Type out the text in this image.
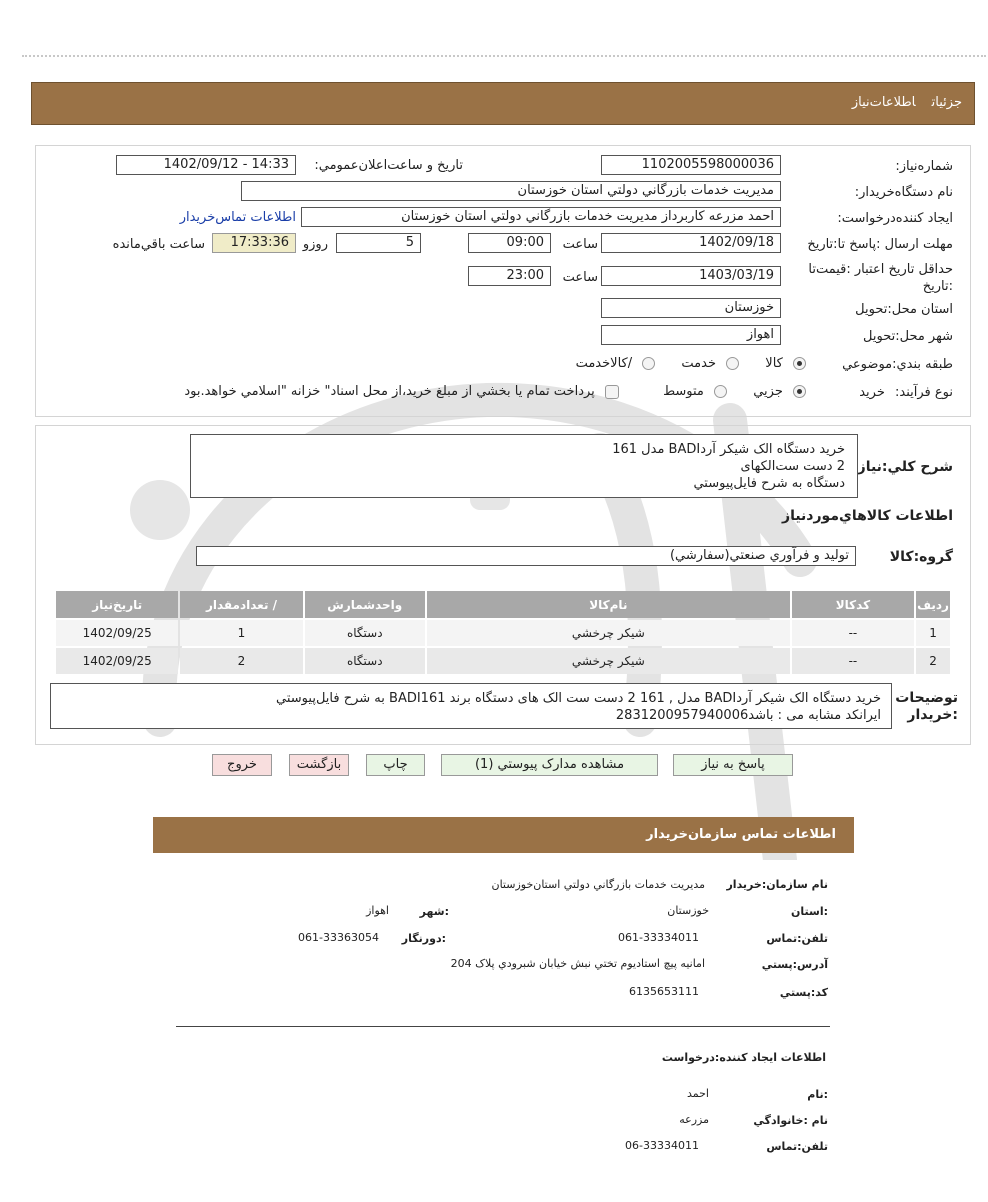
جزئياتاطلاعات‌نياز
شماره‌نياز:
1102005598000036
تاريخ و ساعت‌اعلان‌عمومي:
1402/09/12 - 14:33
نام دستگاه‌خريدار:
مديريت خدمات بازرگاني دولتي استان خوزستان
ايجاد کننده‌درخواست:
احمد مزرعه کاربرداز مديريت خدمات بازرگاني دولتي استان خوزستان
اطلاعات تماس‌خريدار
مهلت ارسال :پاسخ تا:تاريخ
1402/09/18
ساعت
09:00
5
روزو
17:33:36
ساعت باقي‌مانده
حداقل تاريخ اعتبار :قيمت‌تا
:تاريخ
1403/03/19
ساعت
23:00
استان محل:تحويل
خوزستان
شهر محل:تحويل
اهواز
طبقه بندي:موضوعي
کالا  خدمت  /کالاخدمت
نوع فرآيند: خريد
جزيي  متوسط  پرداخت تمام يا بخشي از مبلغ خريد،از محل اسناد" خزانه "اسلامي خواهد.بود
شرح کلي:نياز
خريد دستگاه الک شيکر آردBADI مدل 161
2 دست ست‌الکهای
دستگاه به شرح فايل‌پيوستي
اطلاعات کالاهاي‌موردنياز
گروه:کالا
توليد و فرآوري صنعتي(سفارشي)
رديف	کدکالا	نام‌کالا	واحدشمارش	/ تعدادمقدار	تاريخ‌نياز
1	--	شيکر چرخشي	دستگاه	1	1402/09/25
2	--	شيکر چرخشي	دستگاه	2	1402/09/25
توضيحات
:خريدار
خريد دستگاه الک شيکر آردBADI مدل , 161 2 دست ست الک های دستگاه برند BADI161 به شرح فايل‌پيوستي
ايرانکد مشابه می : باشد2831200957940006
پاسخ به نياز
مشاهده مدارک پيوستي (1)
چاپ
بازگشت
خروج
اطلاعات تماس سازمان‌خريدار
نام سازمان:خريدار
مديريت خدمات بازرگاني دولتي استان‌خوزستان
:استان
خوزستان
:شهر
اهواز
تلفن:تماس
061-33334011
:دورنگار
061-33363054
آدرس:پستي
امانيه پيچ استاديوم تختي نبش خيابان شبرودي پلاک 204
کد:پستي
6135653111
اطلاعات ايجاد کننده:درخواست
:نام
احمد
نام :خانوادگي
مزرعه
تلفن:تماس
06-33334011
